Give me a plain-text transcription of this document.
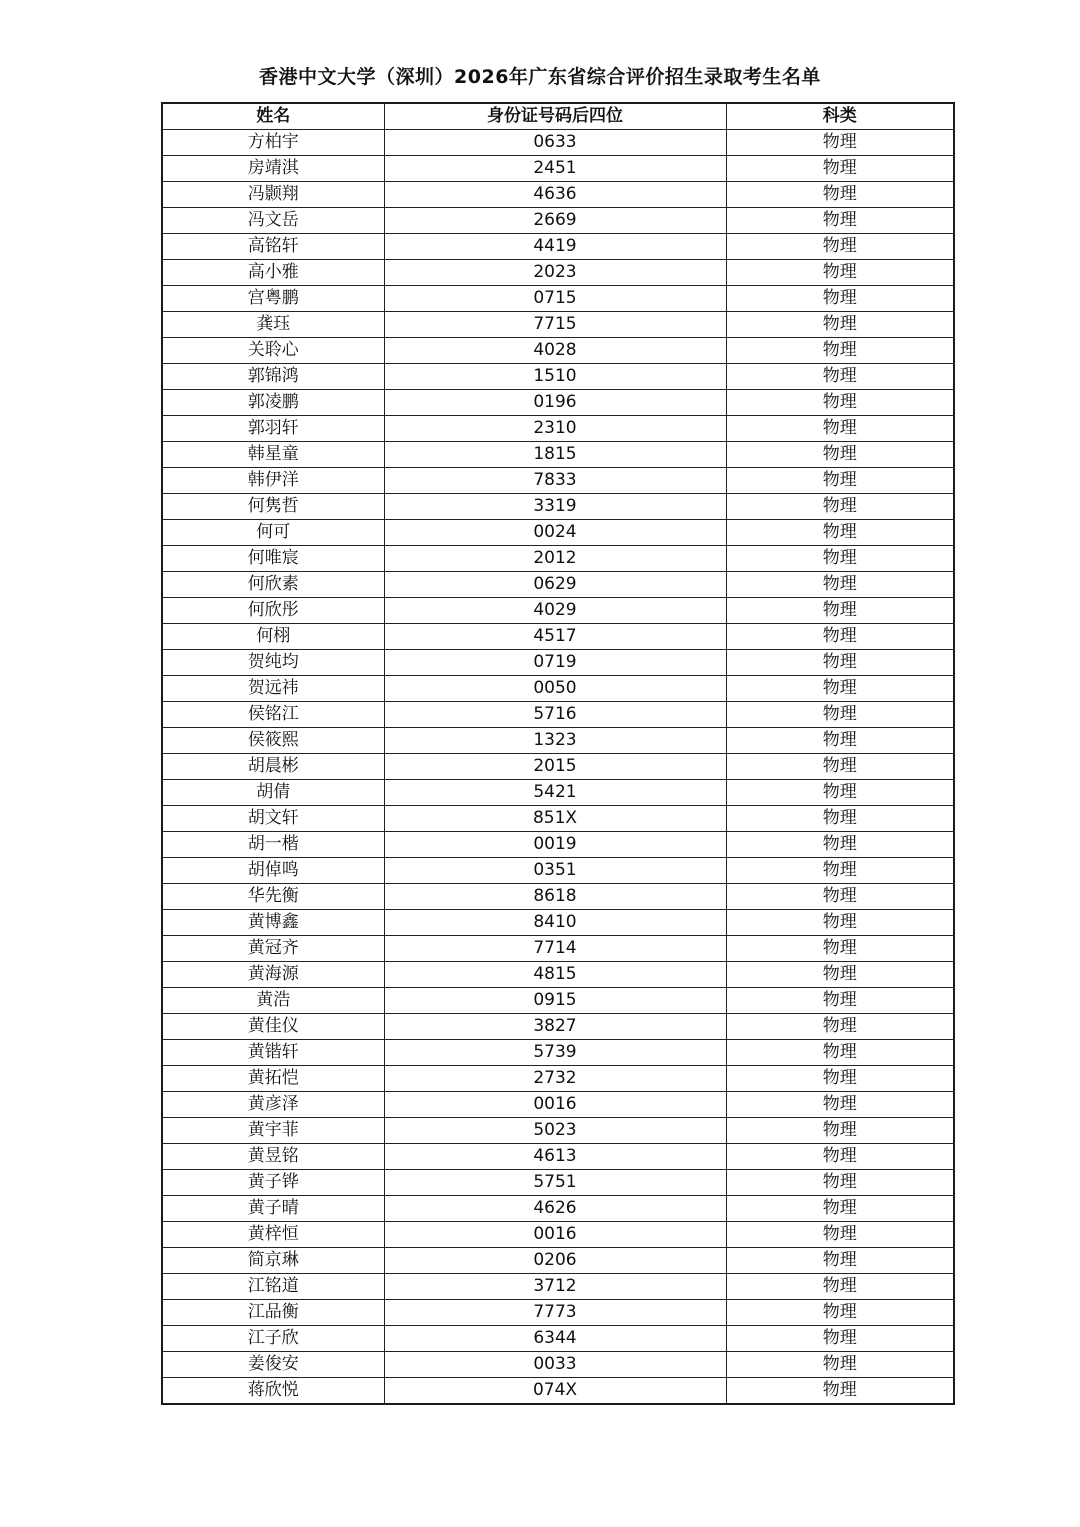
香港中文大学（深圳）2026年广东省综合评价招生录取考生名单
姓名	身份证号码后四位	科类
方柏宇	0633	物理
房靖淇	2451	物理
冯颢翔	4636	物理
冯文岳	2669	物理
高铭轩	4419	物理
高小雅	2023	物理
宫粤鹏	0715	物理
龚珏	7715	物理
关聆心	4028	物理
郭锦鸿	1510	物理
郭凌鹏	0196	物理
郭羽轩	2310	物理
韩星童	1815	物理
韩伊洋	7833	物理
何隽哲	3319	物理
何可	0024	物理
何唯宸	2012	物理
何欣素	0629	物理
何欣彤	4029	物理
何栩	4517	物理
贺纯均	0719	物理
贺远祎	0050	物理
侯铭江	5716	物理
侯筱熙	1323	物理
胡晨彬	2015	物理
胡倩	5421	物理
胡文轩	851X	物理
胡一楷	0019	物理
胡倬鸣	0351	物理
华先衡	8618	物理
黄博鑫	8410	物理
黄冠齐	7714	物理
黄海源	4815	物理
黄浩	0915	物理
黄佳仪	3827	物理
黄锴轩	5739	物理
黄拓恺	2732	物理
黄彦泽	0016	物理
黄宇菲	5023	物理
黄昱铭	4613	物理
黄子铧	5751	物理
黄子晴	4626	物理
黄梓恒	0016	物理
简京琳	0206	物理
江铭道	3712	物理
江品衡	7773	物理
江子欣	6344	物理
姜俊安	0033	物理
蒋欣悦	074X	物理
